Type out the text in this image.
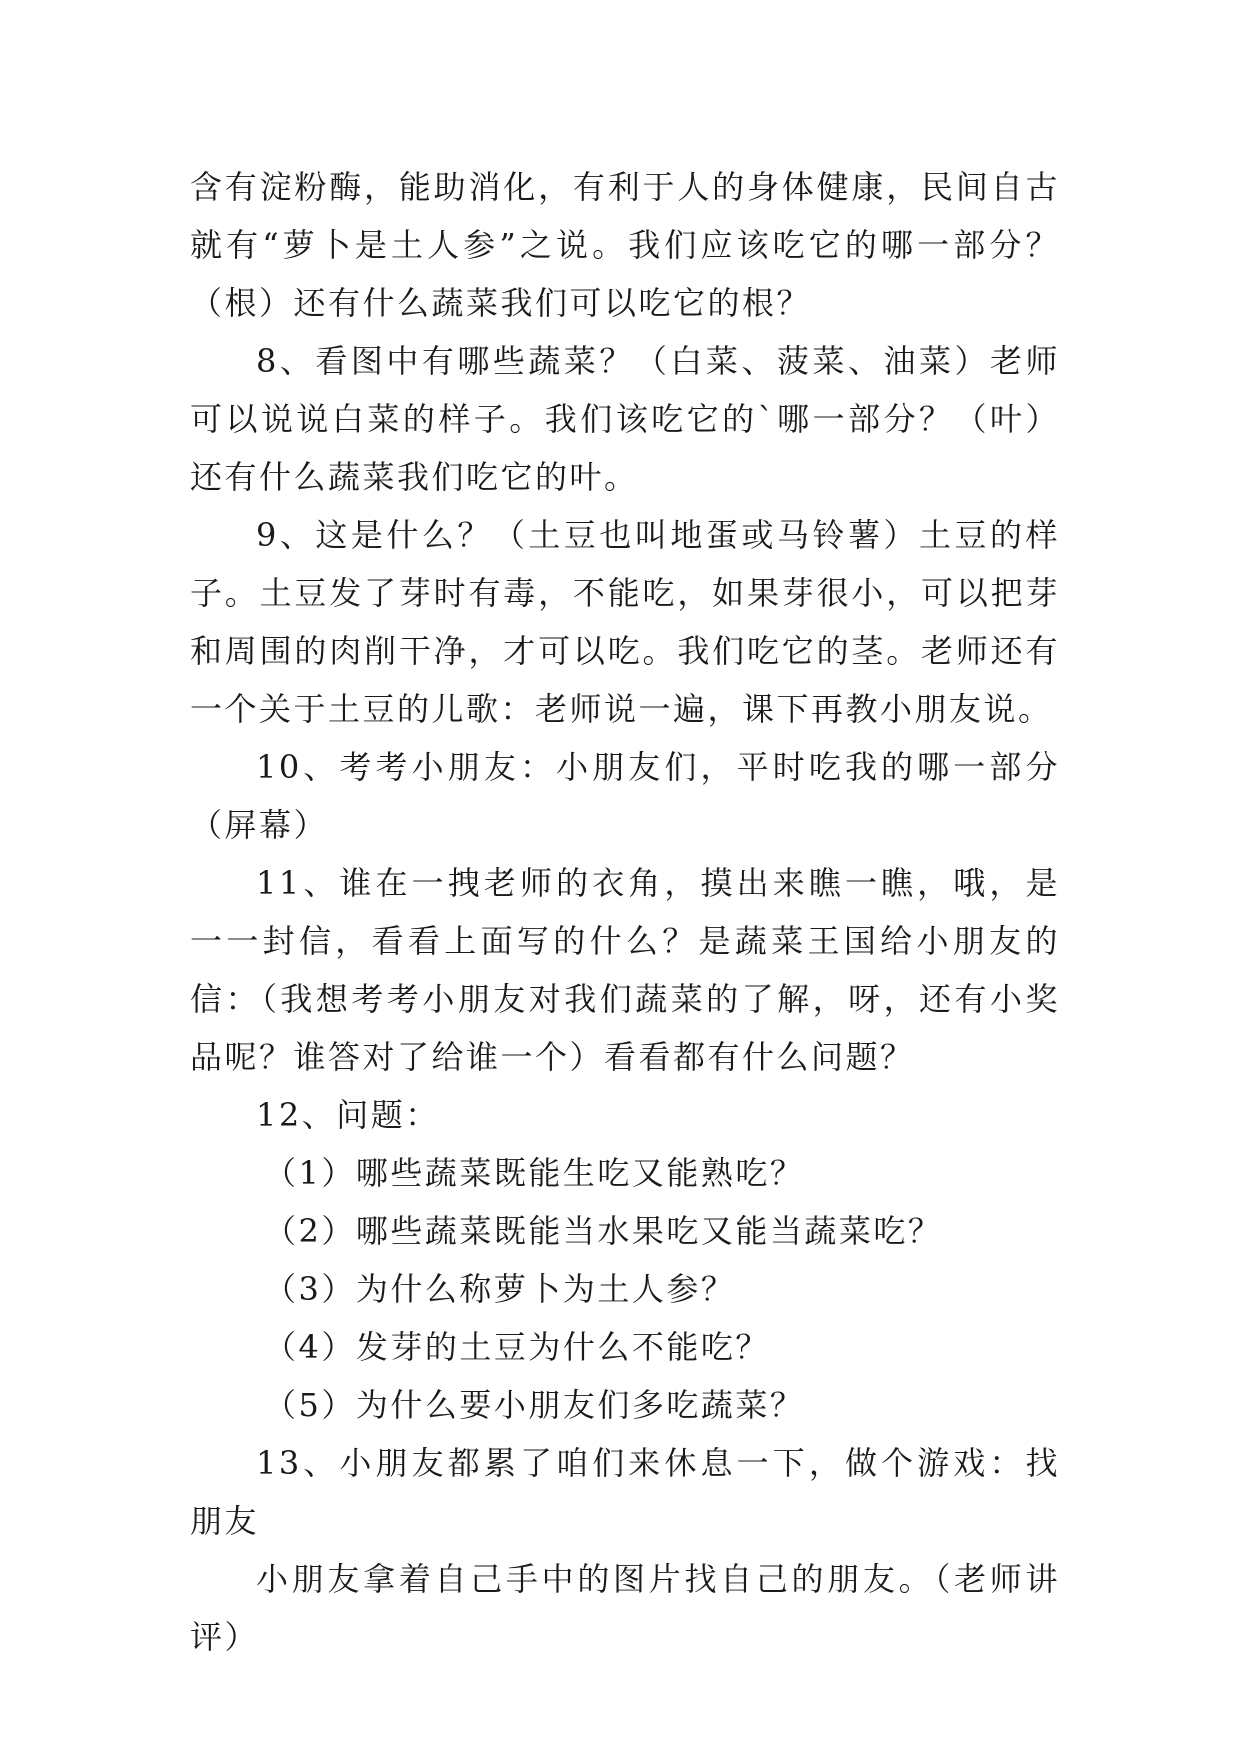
含有淀粉酶，能助消化，有利于人的身体健康，民间自古就有“萝卜是土人参”之说。我们应该吃它的哪一部分？（根）还有什么蔬菜我们可以吃它的根？

8、看图中有哪些蔬菜？（白菜、菠菜、油菜）老师可以说说白菜的样子。我们该吃它的`哪一部分？（叶）还有什么蔬菜我们吃它的叶。

9、这是什么？（土豆也叫地蛋或马铃薯）土豆的样子。土豆发了芽时有毒，不能吃，如果芽很小，可以把芽和周围的肉削干净，才可以吃。我们吃它的茎。老师还有一个关于土豆的儿歌：老师说一遍，课下再教小朋友说。

10、考考小朋友：小朋友们，平时吃我的哪一部分（屏幕）

11、谁在一拽老师的衣角，摸出来瞧一瞧，哦，是一一封信，看看上面写的什么？是蔬菜王国给小朋友的信：（我想考考小朋友对我们蔬菜的了解，呀，还有小奖品呢？谁答对了给谁一个）看看都有什么问题？

12、问题：

（1）哪些蔬菜既能生吃又能熟吃？

（2）哪些蔬菜既能当水果吃又能当蔬菜吃？

（3）为什么称萝卜为土人参？

（4）发芽的土豆为什么不能吃？

（5）为什么要小朋友们多吃蔬菜？

13、小朋友都累了咱们来休息一下，做个游戏：找朋友

小朋友拿着自己手中的图片找自己的朋友。（老师讲评）
